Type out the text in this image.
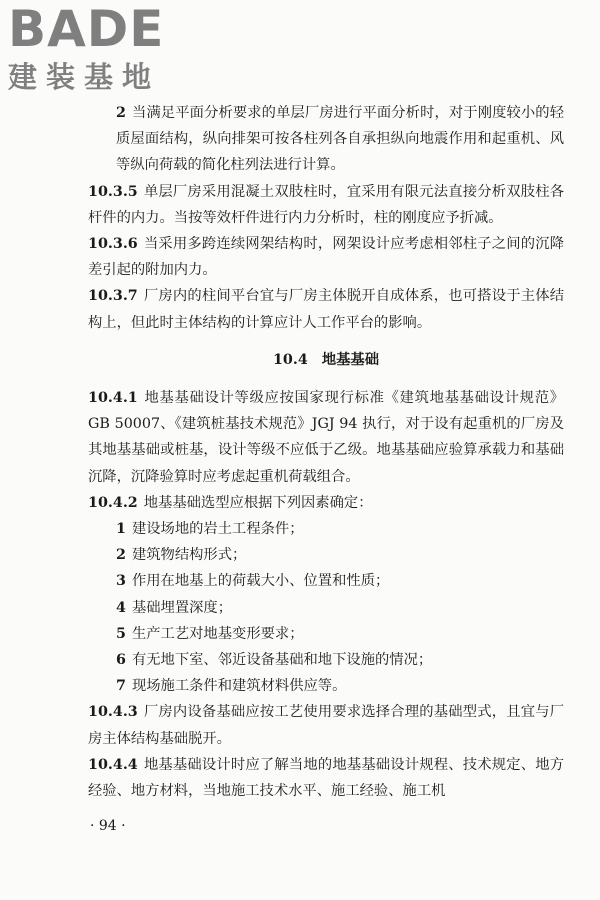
BADE
建装基地
2 当满足平面分析要求的单层厂房进行平面分析时，对于刚度较小的轻质屋面结构，纵向排架可按各柱列各自承担纵向地震作用和起重机、风等纵向荷载的简化柱列法进行计算。
10.3.5 单层厂房采用混凝土双肢柱时，宜采用有限元法直接分析双肢柱各杆件的内力。当按等效杆件进行内力分析时，柱的刚度应予折减。
10.3.6 当采用多跨连续网架结构时，网架设计应考虑相邻柱子之间的沉降差引起的附加内力。
10.3.7 厂房内的柱间平台宜与厂房主体脱开自成体系，也可搭设于主体结构上，但此时主体结构的计算应计人工作平台的影响。
10.4 地基基础
10.4.1 地基基础设计等级应按国家现行标准《建筑地基基础设计规范》GB 50007、《建筑桩基技术规范》JGJ 94 执行，对于设有起重机的厂房及其地基基础或桩基，设计等级不应低于乙级。地基基础应验算承载力和基础沉降，沉降验算时应考虑起重机荷载组合。
10.4.2 地基基础选型应根据下列因素确定：
1 建设场地的岩土工程条件；
2 建筑物结构形式；
3 作用在地基上的荷载大小、位置和性质；
4 基础埋置深度；
5 生产工艺对地基变形要求；
6 有无地下室、邻近设备基础和地下设施的情况；
7 现场施工条件和建筑材料供应等。
10.4.3 厂房内设备基础应按工艺使用要求选择合理的基础型式，且宜与厂房主体结构基础脱开。
10.4.4 地基基础设计时应了解当地的地基基础设计规程、技术规定、地方经验、地方材料，当地施工技术水平、施工经验、施工机
· 94 ·
